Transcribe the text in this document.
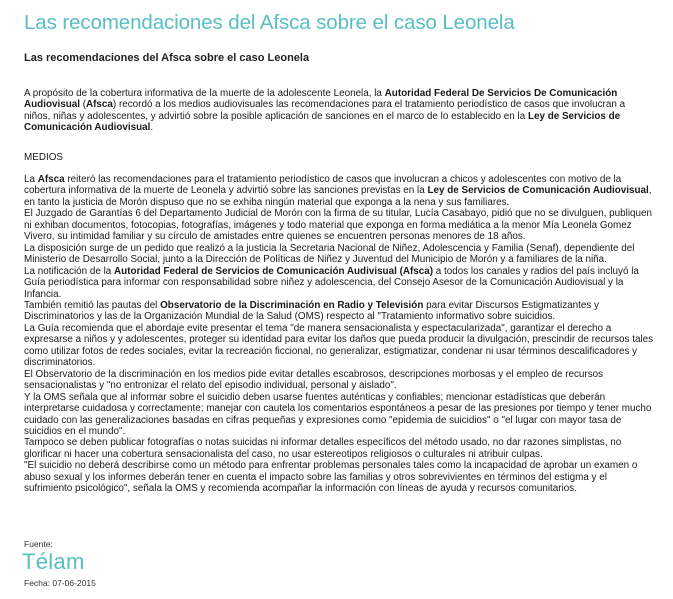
Las recomendaciones del Afsca sobre el caso Leonela
Las recomendaciones del Afsca sobre el caso Leonela

A propósito de la cobertura informativa de la muerte de la adolescente Leonela, la Autoridad Federal De Servicios De Comunicación Audiovisual (Afsca) recordó a los medios audiovisuales las recomendaciones para el tratamiento periodístico de casos que involucran a niños, niñas y adolescentes, y advirtió sobre la posible aplicación de sanciones en el marco de lo establecido en la Ley de Servicios de Comunicación Audiovisual.

MEDIOS

La Afsca reiteró las recomendaciones para el tratamiento periodístico de casos que involucran a chicos y adolescentes con motivo de la cobertura informativa de la muerte de Leonela y advirtió sobre las sanciones previstas en la Ley de Servicios de Comunicación Audiovisual, en tanto la justicia de Morón dispuso que no se exhiba ningún material que exponga a la nena y sus familiares.

El Juzgado de Garantías 6 del Departamento Judicial de Morón con la firma de su titular, Lucía Casabayo, pidió que no se divulguen, publiquen ni exhiban documentos, fotocopias, fotografías, imágenes y todo material que exponga en forma mediática a la menor Mía Leonela Gomez Vivero, su intimidad familiar y su círculo de amistades entre quienes se encuentren personas menores de 18 años.

La disposición surge de un pedido que realizó a la justicia la Secretaria Nacional de Niñez, Adolescencia y Familia (Senaf), dependiente del Ministerio de Desarrollo Social, junto a la Dirección de Políticas de Niñez y Juventud del Municipio de Morón y a familiares de la niña.

La notificación de la Autoridad Federal de Servicios de Comunicación Audivisual (Afsca) a todos los canales y radios del país incluyó la Guía periodística para informar con responsabilidad sobre niñez y adolescencia, del Consejo Asesor de la Comunicación Audiovisual y la Infancia.

También remitió las pautas del Observatorio de la Discriminación en Radio y Televisión para evitar Discursos Estigmatizantes y Discriminatorios y las de la Organización Mundial de la Salud (OMS) respecto al "Tratamiento informativo sobre suicidios.

La Guía recomienda que el abordaje evite presentar el tema "de manera sensacionalista y espectacularizada", garantizar el derecho a expresarse a niños y y adolescentes, proteger su identidad para evitar los daños que pueda producir la divulgación, prescindir de recursos tales como utilizar fotos de redes sociales, evitar la recreación ficcional, no generalizar, estigmatizar, condenar ni usar términos descalificadores y discriminatorios.

El Observatorio de la discriminación en los medios pide evitar detalles escabrosos, descripciones morbosas y el empleo de recursos sensacionalistas y "no entronizar el relato del episodio individual, personal y aislado".

Y la OMS señala que al informar sobre el suicidio deben usarse fuentes auténticas y confiables; mencionar estadísticas que deberán interpretarse cuidadosa y correctamente; manejar con cautela los comentarios espontáneos a pesar de las presiones por tiempo y tener mucho cuidado con las generalizaciones basadas en cifras pequeñas y expresiones como "epidemia de suicidios" o "el lugar con mayor tasa de suicidios en el mundo".

Tampoco se deben publicar fotografías o notas suicidas ni informar detalles específicos del método usado, no dar razones simplistas, no glorificar ni hacer una cobertura sensacionalista del caso, no usar estereotipos religiosos o culturales ni atribuir culpas.

"El suicidio no deberá describirse como un método para enfrentar problemas personales tales como la incapacidad de aprobar un examen o abuso sexual y los informes deberán tener en cuenta el impacto sobre las familias y otros sobrevivientes en términos del estigma y el sufrimiento psicológico", señala la OMS y recomienda acompañar la información con líneas de ayuda y recursos comunitarios.

Fuente:
Télam
Fecha: 07-06-2015
